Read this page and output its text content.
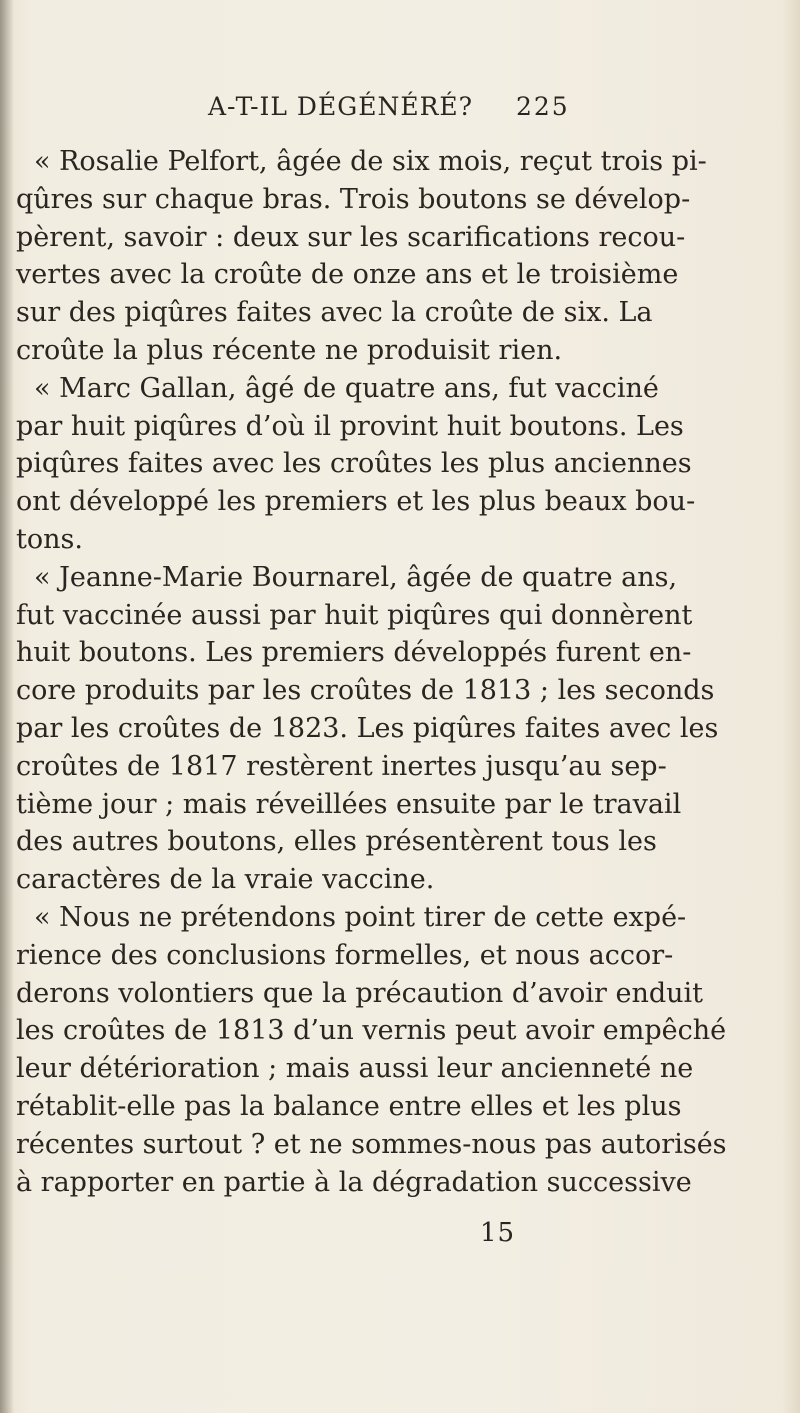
A-T-IL DÉGÉNÉRÉ? 225

« Rosalie Pelfort, âgée de six mois, reçut trois pi-
qûres sur chaque bras. Trois boutons se dévelop-
pèrent, savoir : deux sur les scarifications recou-
vertes avec la croûte de onze ans et le troisième
sur des piqûres faites avec la croûte de six. La
croûte la plus récente ne produisit rien.

« Marc Gallan, âgé de quatre ans, fut vacciné
par huit piqûres d’où il provint huit boutons. Les
piqûres faites avec les croûtes les plus anciennes
ont développé les premiers et les plus beaux bou-
tons.

« Jeanne-Marie Bournarel, âgée de quatre ans,
fut vaccinée aussi par huit piqûres qui donnèrent
huit boutons. Les premiers développés furent en-
core produits par les croûtes de 1813 ; les seconds
par les croûtes de 1823. Les piqûres faites avec les
croûtes de 1817 restèrent inertes jusqu’au sep-
tième jour ; mais réveillées ensuite par le travail
des autres boutons, elles présentèrent tous les
caractères de la vraie vaccine.

« Nous ne prétendons point tirer de cette expé-
rience des conclusions formelles, et nous accor-
derons volontiers que la précaution d’avoir enduit
les croûtes de 1813 d’un vernis peut avoir empêché
leur détérioration ; mais aussi leur ancienneté ne
rétablit-elle pas la balance entre elles et les plus
récentes surtout ? et ne sommes-nous pas autorisés
à rapporter en partie à la dégradation successive

15
